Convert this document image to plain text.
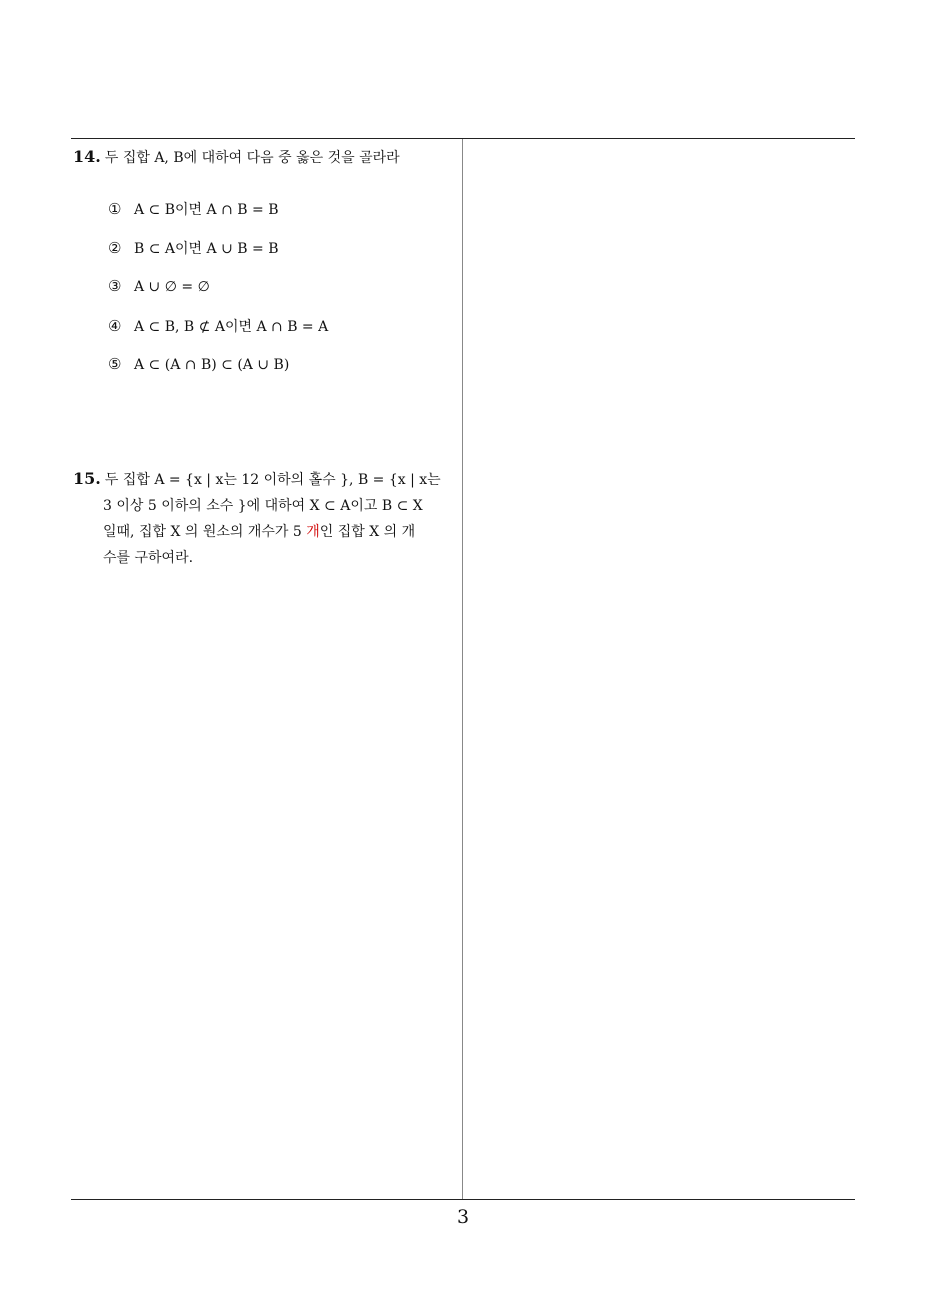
14. 두 집합 A, B에 대하여 다음 중 옳은 것을 골라라
① A ⊂ B이면 A ∩ B = B
② B ⊂ A이면 A ∪ B = B
③ A ∪ ∅ = ∅
④ A ⊂ B, B ⊄ A이면 A ∩ B = A
⑤ A ⊂ (A ∩ B) ⊂ (A ∪ B)
15. 두 집합 A = {x | x는 12 이하의 홀수 }, B = {x | x는
3 이상 5 이하의 소수 }에 대하여 X ⊂ A이고 B ⊂ X
일때, 집합 X 의 원소의 개수가 5 개인 집합 X 의 개
수를 구하여라.
3
